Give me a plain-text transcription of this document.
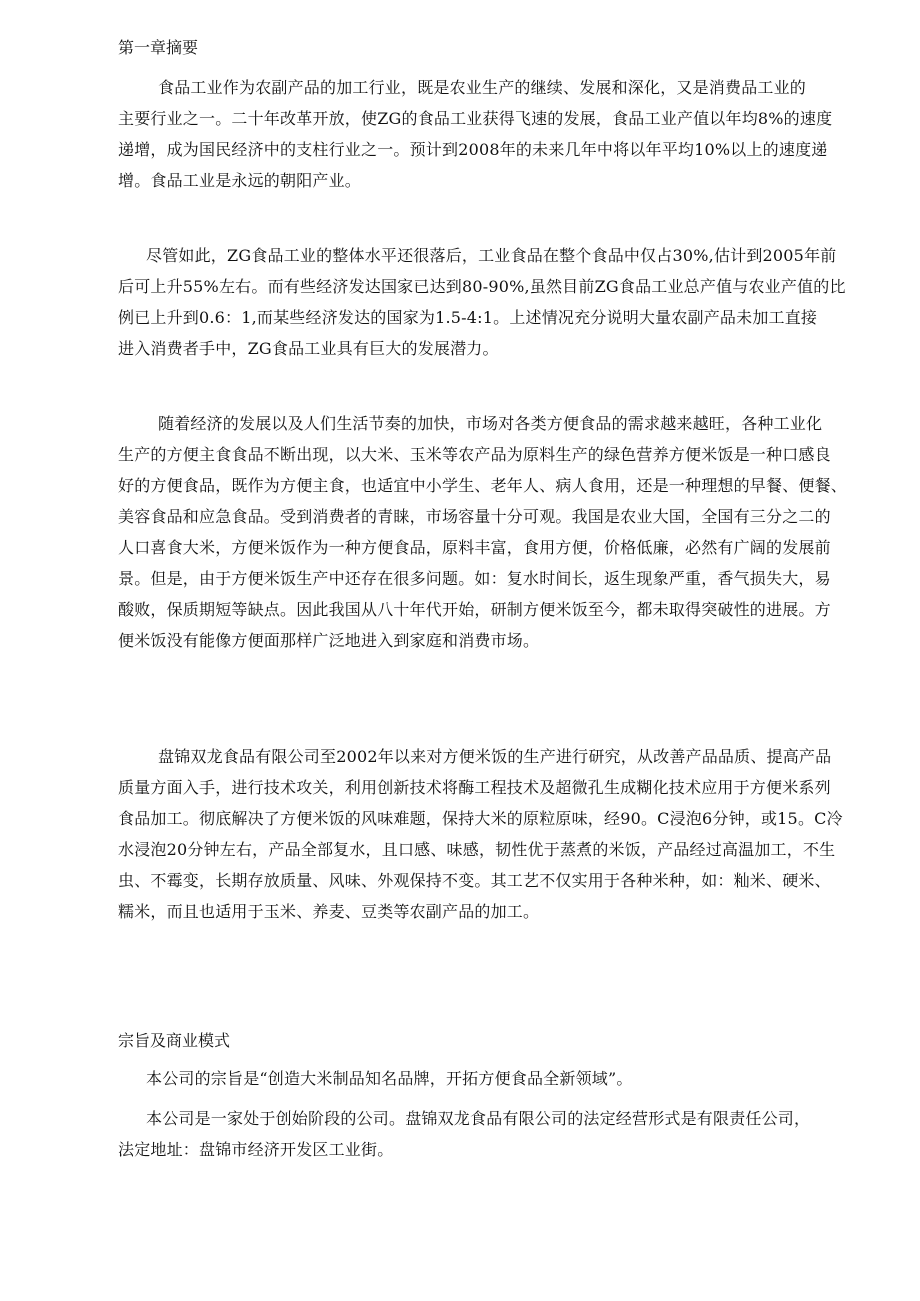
第一章摘要
食品工业作为农副产品的加工行业，既是农业生产的继续、发展和深化，又是消费品工业的
主要行业之一。二十年改革开放，使ZG的食品工业获得飞速的发展，食品工业产值以年均8%的速度
递增，成为国民经济中的支柱行业之一。预计到2008年的未来几年中将以年平均10%以上的速度递
增。食品工业是永远的朝阳产业。
尽管如此，ZG食品工业的整体水平还很落后，工业食品在整个食品中仅占30%,估计到2005年前
后可上升55%左右。而有些经济发达国家已达到80-90%,虽然目前ZG食品工业总产值与农业产值的比
例已上升到0.6：1,而某些经济发达的国家为1.5-4:1。上述情况充分说明大量农副产品未加工直接
进入消费者手中，ZG食品工业具有巨大的发展潜力。
随着经济的发展以及人们生活节奏的加快，市场对各类方便食品的需求越来越旺，各种工业化
生产的方便主食食品不断出现，以大米、玉米等农产品为原料生产的绿色营养方便米饭是一种口感良
好的方便食品，既作为方便主食，也适宜中小学生、老年人、病人食用，还是一种理想的早餐、便餐、
美容食品和应急食品。受到消费者的青睐，市场容量十分可观。我国是农业大国，全国有三分之二的
人口喜食大米，方便米饭作为一种方便食品，原料丰富，食用方便，价格低廉，必然有广阔的发展前
景。但是，由于方便米饭生产中还存在很多问题。如：复水时间长，返生现象严重，香气损失大，易
酸败，保质期短等缺点。因此我国从八十年代开始，研制方便米饭至今，都未取得突破性的进展。方
便米饭没有能像方便面那样广泛地进入到家庭和消费市场。
盘锦双龙食品有限公司至2002年以来对方便米饭的生产进行研究，从改善产品品质、提高产品
质量方面入手，进行技术攻关，利用创新技术将酶工程技术及超微孔生成糊化技术应用于方便米系列
食品加工。彻底解决了方便米饭的风味难题，保持大米的原粒原味，经90。C浸泡6分钟，或15。C冷
水浸泡20分钟左右，产品全部复水，且口感、味感，韧性优于蒸煮的米饭，产品经过高温加工，不生
虫、不霉变，长期存放质量、风味、外观保持不变。其工艺不仅实用于各种米种，如：籼米、硬米、
糯米，而且也适用于玉米、养麦、豆类等农副产品的加工。
宗旨及商业模式
本公司的宗旨是“创造大米制品知名品牌，开拓方便食品全新领域”。
本公司是一家处于创始阶段的公司。盘锦双龙食品有限公司的法定经营形式是有限责任公司，
法定地址：盘锦市经济开发区工业街。
